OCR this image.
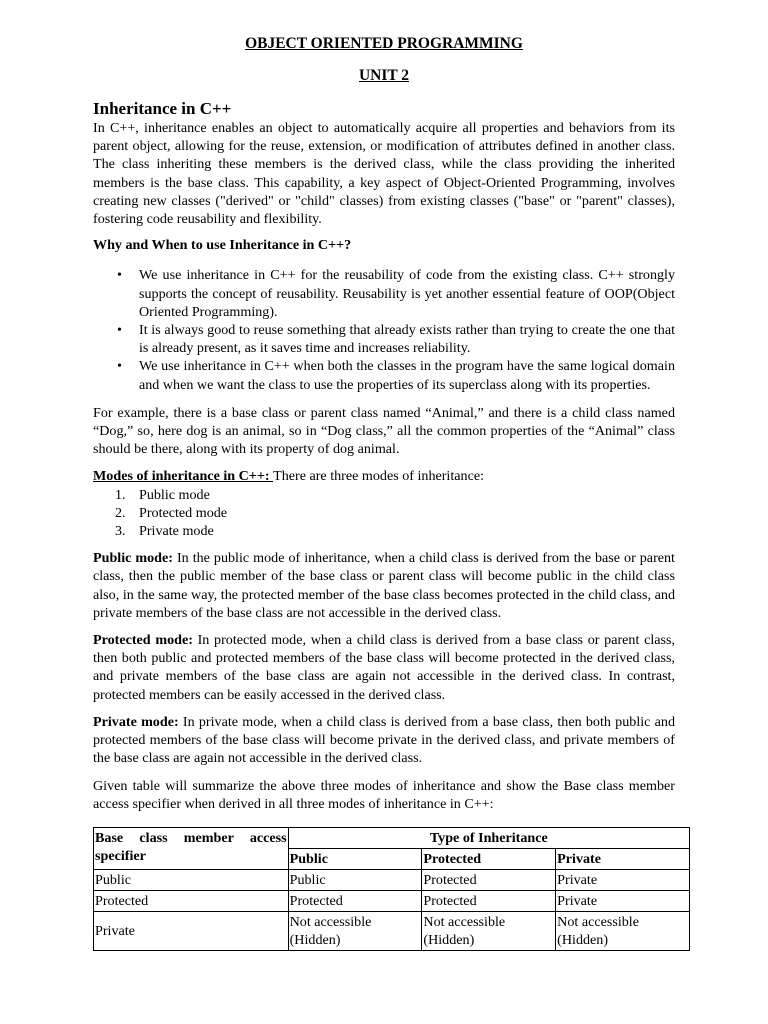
OBJECT ORIENTED PROGRAMMING
UNIT 2
Inheritance in C++

In C++, inheritance enables an object to automatically acquire all properties and behaviors from its parent object, allowing for the reuse, extension, or modification of attributes defined in another class. The class inheriting these members is the derived class, while the class providing the inherited members is the base class. This capability, a key aspect of Object-Oriented Programming, involves creating new classes ("derived" or "child" classes) from existing classes ("base" or "parent" classes), fostering code reusability and flexibility.

Why and When to use Inheritance in C++?

• We use inheritance in C++ for the reusability of code from the existing class. C++ strongly supports the concept of reusability. Reusability is yet another essential feature of OOP(Object Oriented Programming).
• It is always good to reuse something that already exists rather than trying to create the one that is already present, as it saves time and increases reliability.
• We use inheritance in C++ when both the classes in the program have the same logical domain and when we want the class to use the properties of its superclass along with its properties.

For example, there is a base class or parent class named “Animal,” and there is a child class named “Dog,” so, here dog is an animal, so in “Dog class,” all the common properties of the “Animal” class should be there, along with its property of dog animal.

Modes of inheritance in C++: There are three modes of inheritance:

1. Public mode
2. Protected mode
3. Private mode

Public mode: In the public mode of inheritance, when a child class is derived from the base or parent class, then the public member of the base class or parent class will become public in the child class also, in the same way, the protected member of the base class becomes protected in the child class, and private members of the base class are not accessible in the derived class.

Protected mode: In protected mode, when a child class is derived from a base class or parent class, then both public and protected members of the base class will become protected in the derived class, and private members of the base class are again not accessible in the derived class. In contrast, protected members can be easily accessed in the derived class.

Private mode: In private mode, when a child class is derived from a base class, then both public and protected members of the base class will become private in the derived class, and private members of the base class are again not accessible in the derived class.

Given table will summarize the above three modes of inheritance and show the Base class member access specifier when derived in all three modes of inheritance in C++:

Base class member access specifier	Type of Inheritance		
	Public	Protected	Private
Public	Public	Protected	Private
Protected	Protected	Protected	Private
Private	Not accessible (Hidden)	Not accessible (Hidden)	Not accessible (Hidden)
